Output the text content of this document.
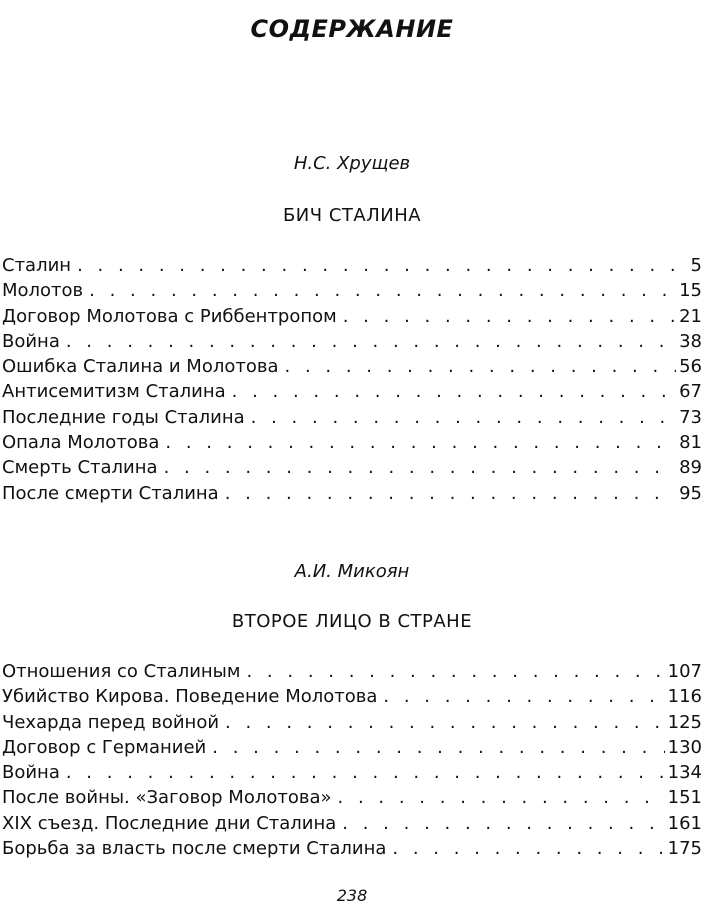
СОДЕРЖАНИЕ
Н.С. Хрущев
БИЧ СТАЛИНА
Сталин . . .	5
Молотов . . .	15
Договор Молотова с Риббентропом . . .	21
Война . . .	38
Ошибка Сталина и Молотова . . .	56
Антисемитизм Сталина . . .	67
Последние годы Сталина . . .	73
Опала Молотова . . .	81
Смерть Сталина . . .	89
После смерти Сталина . . .	95
А.И. Микоян
ВТОРОЕ ЛИЦО В СТРАНЕ
Отношения со Сталиным . . .	107
Убийство Кирова. Поведение Молотова . . .	116
Чехарда перед войной . . .	125
Договор с Германией . . .	130
Война . . .	134
После войны. «Заговор Молотова» . . .	151
XIX съезд. Последние дни Сталина . . .	161
Борьба за власть после смерти Сталина . . .	175
238
